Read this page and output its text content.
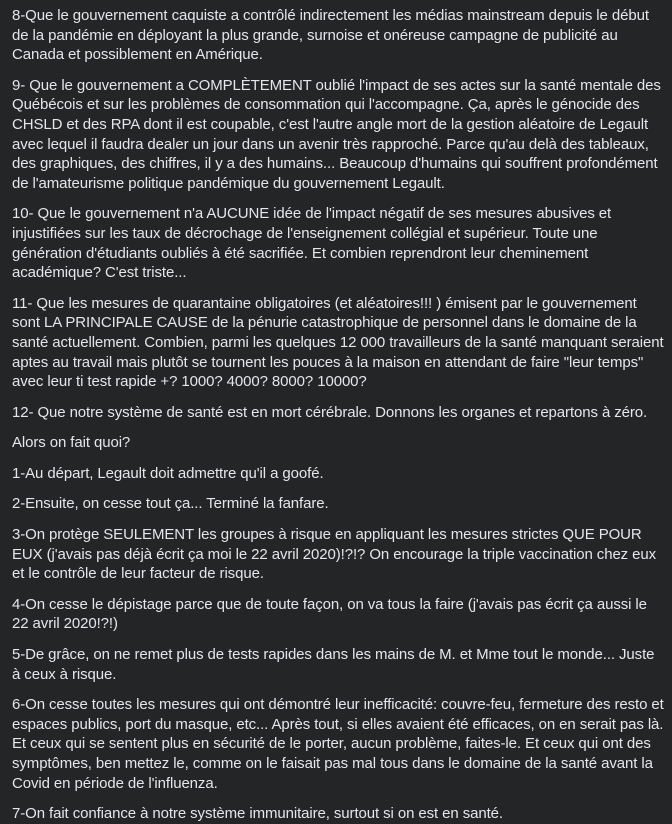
8-Que le gouvernement caquiste a contrôlé indirectement les médias mainstream depuis le début de la pandémie en déployant la plus grande, surnoise et onéreuse campagne de publicité au Canada et possiblement en Amérique.

9- Que le gouvernement a COMPLÈTEMENT oublié l'impact de ses actes sur la santé mentale des Québécois et sur les problèmes de consommation qui l'accompagne. Ça, après le génocide des CHSLD et des RPA dont il est coupable, c'est l'autre angle mort de la gestion aléatoire de Legault avec lequel il faudra dealer un jour dans un avenir très rapproché. Parce qu'au delà des tableaux, des graphiques, des chiffres, il y a des humains... Beaucoup d'humains qui souffrent profondément de l'amateurisme politique pandémique du gouvernement Legault.

10- Que le gouvernement n'a AUCUNE idée de l'impact négatif de ses mesures abusives et injustifiées sur les taux de décrochage de l'enseignement collégial et supérieur. Toute une génération d'étudiants oubliés à été sacrifiée. Et combien reprendront leur cheminement académique? C'est triste...

11- Que les mesures de quarantaine obligatoires (et aléatoires!!! ) émisent par le gouvernement sont LA PRINCIPALE CAUSE de la pénurie catastrophique de personnel dans le domaine de la santé actuellement. Combien, parmi les quelques 12 000 travailleurs de la santé manquant seraient aptes au travail mais plutôt se tournent les pouces à la maison en attendant de faire "leur temps" avec leur ti test rapide +? 1000? 4000? 8000? 10000?

12- Que notre système de santé est en mort cérébrale. Donnons les organes et repartons à zéro.

Alors on fait quoi?

1-Au départ, Legault doit admettre qu'il a goofé.

2-Ensuite, on cesse tout ça... Terminé la fanfare.

3-On protège SEULEMENT les groupes à risque en appliquant les mesures strictes QUE POUR EUX (j'avais pas déjà écrit ça moi le 22 avril 2020)!?!? On encourage la triple vaccination chez eux et le contrôle de leur facteur de risque.

4-On cesse le dépistage parce que de toute façon, on va tous la faire (j'avais pas écrit ça aussi le 22 avril 2020!?!)

5-De grâce, on ne remet plus de tests rapides dans les mains de M. et Mme tout le monde... Juste à ceux à risque.

6-On cesse toutes les mesures qui ont démontré leur inefficacité: couvre-feu, fermeture des resto et espaces publics, port du masque, etc... Après tout, si elles avaient été efficaces, on en serait pas là. Et ceux qui se sentent plus en sécurité de le porter, aucun problème, faites-le. Et ceux qui ont des symptômes, ben mettez le, comme on le faisait pas mal tous dans le domaine de la santé avant la Covid en période de l'influenza.

7-On fait confiance à notre système immunitaire, surtout si on est en santé.
